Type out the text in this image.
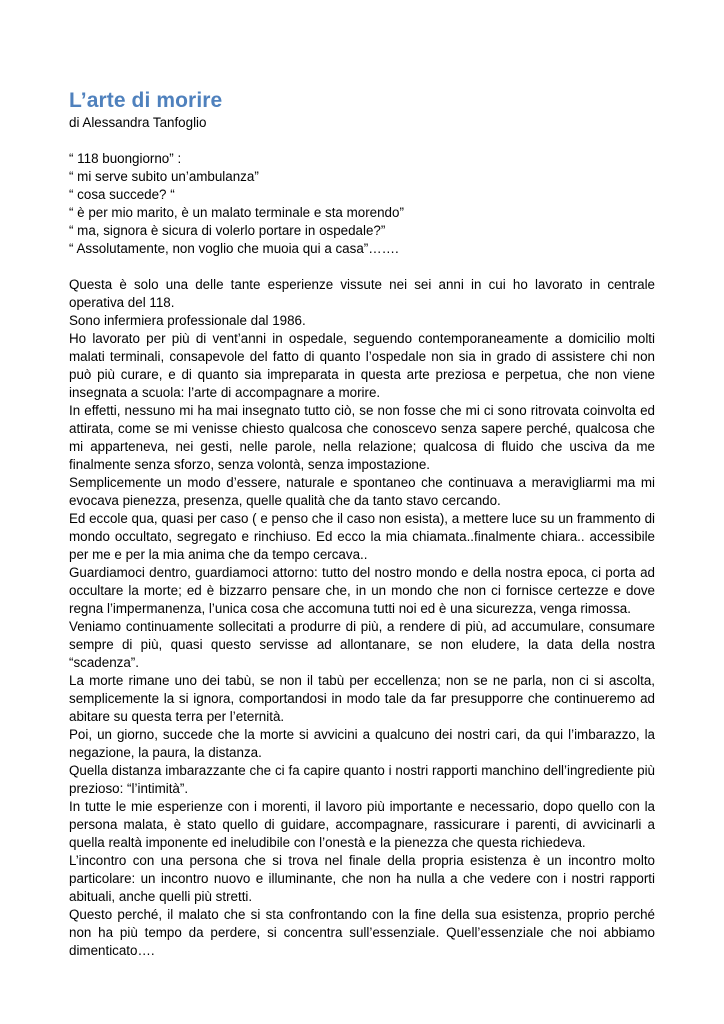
L’arte di morire

di Alessandra Tanfoglio

“ 118 buongiorno” :

“ mi serve subito un’ambulanza”

“ cosa succede? “

“ è per mio marito, è un malato terminale e sta morendo”

“ ma, signora è sicura di volerlo portare in ospedale?”

“ Assolutamente, non voglio che muoia qui a casa”…….

Questa è solo una delle tante esperienze vissute nei sei anni in cui ho lavorato in centrale operativa del 118.

Sono infermiera professionale dal 1986.

Ho lavorato per più di vent’anni in ospedale, seguendo contemporaneamente a domicilio molti malati terminali, consapevole del fatto di quanto l’ospedale non sia in grado di assistere chi non può più curare, e di quanto sia impreparata in questa arte preziosa e perpetua, che non viene insegnata a scuola: l’arte di accompagnare a morire.

In effetti, nessuno mi ha mai insegnato tutto ciò, se non fosse che mi ci sono ritrovata coinvolta ed attirata, come se mi venisse chiesto qualcosa che conoscevo senza sapere perché, qualcosa che mi apparteneva, nei gesti, nelle parole, nella relazione; qualcosa di fluido che usciva da me finalmente senza sforzo, senza volontà, senza impostazione.

Semplicemente un modo d’essere, naturale e spontaneo che continuava a meravigliarmi ma mi evocava pienezza, presenza, quelle qualità che da tanto stavo cercando.

Ed eccole qua, quasi per caso ( e penso che il caso non esista), a mettere luce su un frammento di mondo occultato, segregato e rinchiuso. Ed ecco la mia chiamata..finalmente chiara.. accessibile per me e per la mia anima che da tempo cercava..

Guardiamoci dentro, guardiamoci attorno: tutto del nostro mondo e della nostra epoca, ci porta ad occultare la morte; ed è bizzarro pensare che, in un mondo che non ci fornisce certezze e dove regna l’impermanenza, l’unica cosa che accomuna tutti noi ed è una sicurezza, venga rimossa.

Veniamo continuamente sollecitati a produrre di più, a rendere di più, ad accumulare, consumare sempre di più, quasi questo servisse ad allontanare, se non eludere, la data della nostra “scadenza”.

La morte rimane uno dei tabù, se non il tabù per eccellenza; non se ne parla, non ci si ascolta, semplicemente la si ignora, comportandosi in modo tale da far presupporre che continueremo ad abitare su questa terra per l’eternità.

Poi, un giorno, succede che la morte si avvicini a qualcuno dei nostri cari, da qui l’imbarazzo, la negazione, la paura, la distanza.

Quella distanza imbarazzante che ci fa capire quanto i nostri rapporti manchino dell’ingrediente più prezioso: “l’intimità”.

In tutte le mie esperienze con i morenti, il lavoro più importante e necessario, dopo quello con la persona malata, è stato quello di guidare, accompagnare, rassicurare i parenti, di avvicinarli a quella realtà imponente ed ineludibile con l’onestà e la pienezza che questa richiedeva.

L’incontro con una persona che si trova nel finale della propria esistenza è un incontro molto particolare: un incontro nuovo e illuminante, che non ha nulla a che vedere con i nostri rapporti abituali, anche quelli più stretti.

Questo perché, il malato che si sta confrontando con la fine della sua esistenza, proprio perché non ha più tempo da perdere, si concentra sull’essenziale. Quell’essenziale che noi abbiamo dimenticato….
